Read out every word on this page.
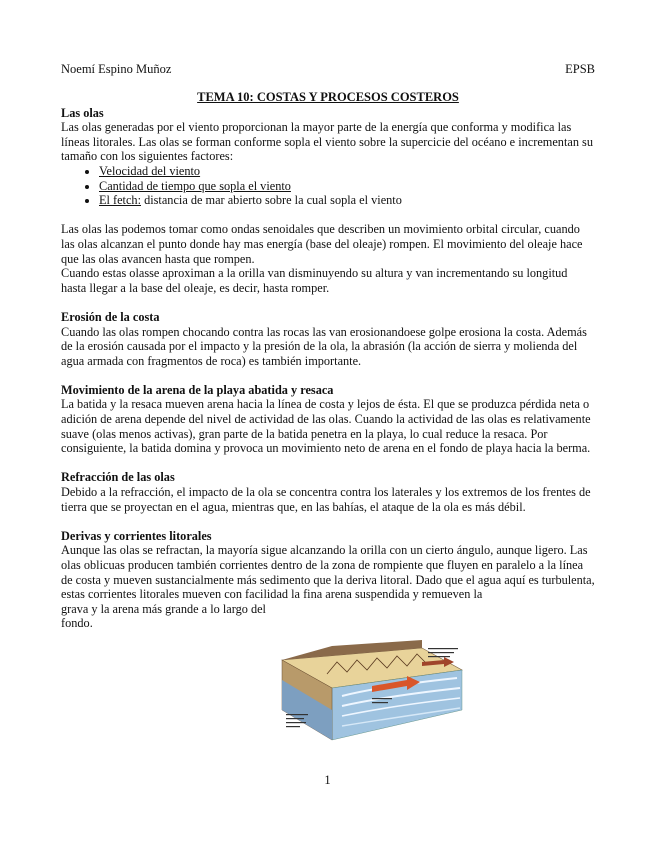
Noemí Espino Muñoz	EPSB
TEMA 10: COSTAS Y PROCESOS COSTEROS
Las olas

Las olas generadas por el viento proporcionan la mayor parte de la energía que conforma y modifica las líneas litorales. Las olas se forman conforme sopla el viento sobre la supercicie del océano e incrementan su tamaño con los siguientes factores:

• Velocidad del viento
• Cantidad de tiempo que sopla el viento
• El fetch: distancia de mar abierto sobre la cual sopla el viento

Las olas las podemos tomar como ondas senoidales que describen un movimiento orbital circular, cuando las olas alcanzan el punto donde hay mas energía (base del oleaje) rompen. El movimiento del oleaje hace que las olas avancen hasta que rompen.

Cuando estas olasse aproximan a la orilla van disminuyendo su altura y van incrementando su longitud hasta llegar a la base del oleaje, es decir, hasta romper.

Erosión de la costa

Cuando las olas rompen chocando contra las rocas las van erosionandoese golpe erosiona la costa. Además de la erosión causada por el impacto y la presión de la ola, la abrasión (la acción de sierra y molienda del agua armada con fragmentos de roca) es también importante.

Movimiento de la arena de la playa abatida y resaca

La batida y la resaca mueven arena hacia la línea de costa y lejos de ésta. El que se produzca pérdida neta o adición de arena depende del nivel de actividad de las olas. Cuando la actividad de las olas es relativamente suave (olas menos activas), gran parte de la batida penetra en la playa, lo cual reduce la resaca. Por consiguiente, la batida domina y provoca un movimiento neto de arena en el fondo de playa hacia la berma.

Refracción de las olas

Debido a la refracción, el impacto de la ola se concentra contra los laterales y los extremos de los frentes de tierra que se proyectan en el agua, mientras que, en las bahías, el ataque de la ola es más débil.

Derivas y corrientes litorales

Aunque las olas se refractan, la mayoría sigue alcanzando la orilla con un cierto ángulo, aunque ligero. Las olas oblicuas producen también corrientes dentro de la zona de rompiente que fluyen en paralelo a la línea de costa y mueven sustancialmente más sedimento que la deriva litoral. Dado que el agua aquí es turbulenta, estas corrientes litorales mueven con facilidad la fina arena suspendida y remueven la

grava y la arena más grande a lo largo del
fondo.
1
